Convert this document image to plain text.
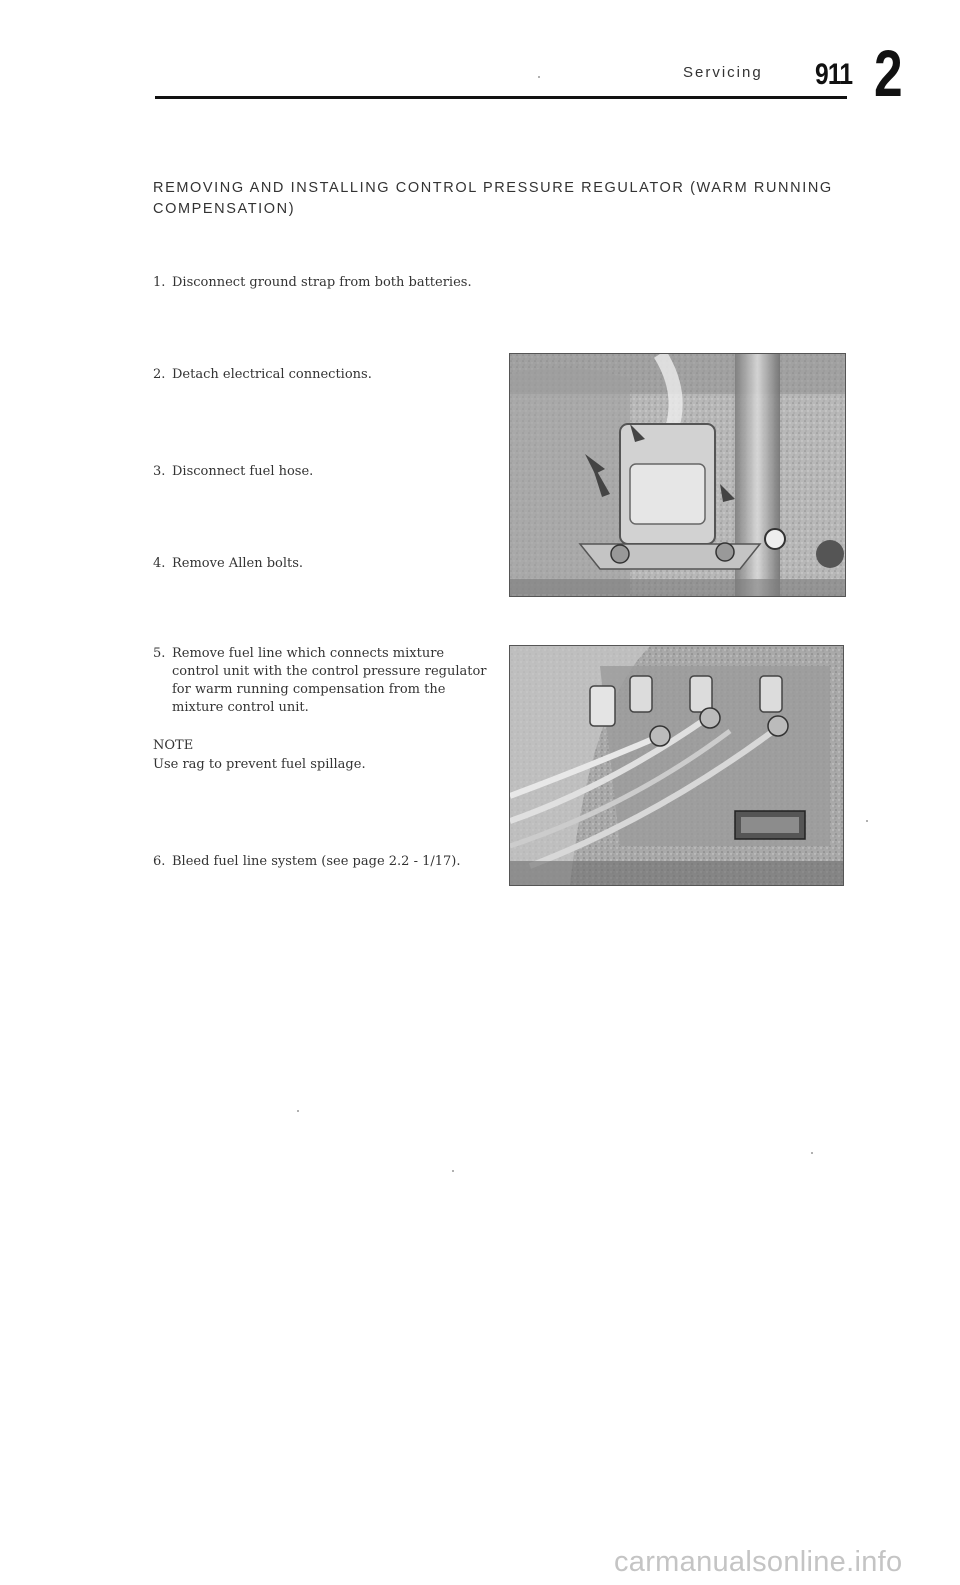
Servicing 911 2
REMOVING AND INSTALLING CONTROL PRESSURE REGULATOR (WARM RUNNING COMPENSATION)

1. Disconnect ground strap from both batteries.

2. Detach electrical connections.

3. Disconnect fuel hose.

4. Remove Allen bolts.

5. Remove fuel line which connects mixture control unit with the control pressure regulator for warm running compensation from the mixture control unit.

NOTE
Use rag to prevent fuel spillage.

6. Bleed fuel line system (see page 2.2 - 1/17).

carmanualsonline.info
